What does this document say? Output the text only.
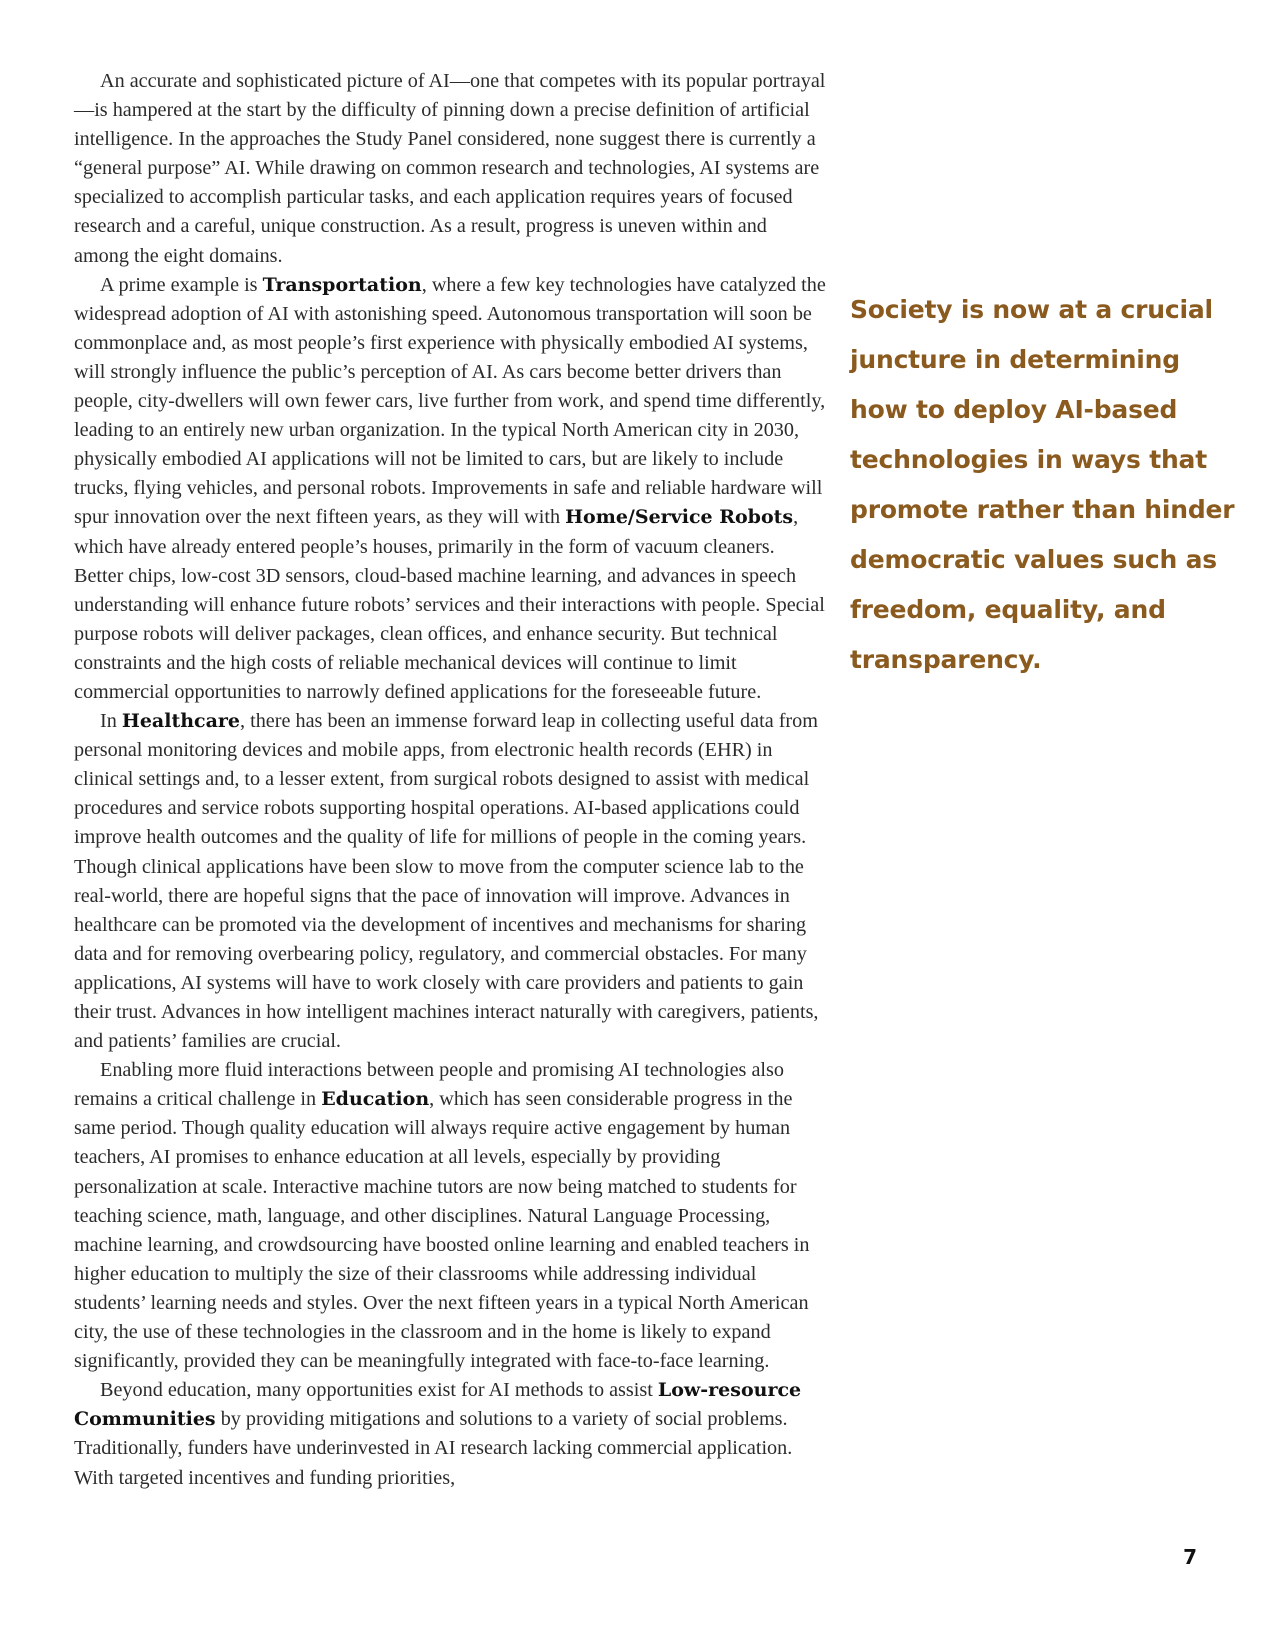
An accurate and sophisticated picture of AI—one that competes with its popular portrayal—is hampered at the start by the difficulty of pinning down a precise definition of artificial intelligence. In the approaches the Study Panel considered, none suggest there is currently a “general purpose” AI. While drawing on common research and technologies, AI systems are specialized to accomplish particular tasks, and each application requires years of focused research and a careful, unique construction. As a result, progress is uneven within and among the eight domains.

A prime example is Transportation, where a few key technologies have catalyzed the widespread adoption of AI with astonishing speed. Autonomous transportation will soon be commonplace and, as most people’s first experience with physically embodied AI systems, will strongly influence the public’s perception of AI. As cars become better drivers than people, city-dwellers will own fewer cars, live further from work, and spend time differently, leading to an entirely new urban organization. In the typical North American city in 2030, physically embodied AI applications will not be limited to cars, but are likely to include trucks, flying vehicles, and personal robots. Improvements in safe and reliable hardware will spur innovation over the next fifteen years, as they will with Home/Service Robots, which have already entered people’s houses, primarily in the form of vacuum cleaners. Better chips, low-cost 3D sensors, cloud-based machine learning, and advances in speech understanding will enhance future robots’ services and their interactions with people. Special purpose robots will deliver packages, clean offices, and enhance security. But technical constraints and the high costs of reliable mechanical devices will continue to limit commercial opportunities to narrowly defined applications for the foreseeable future.

In Healthcare, there has been an immense forward leap in collecting useful data from personal monitoring devices and mobile apps, from electronic health records (EHR) in clinical settings and, to a lesser extent, from surgical robots designed to assist with medical procedures and service robots supporting hospital operations. AI-based applications could improve health outcomes and the quality of life for millions of people in the coming years. Though clinical applications have been slow to move from the computer science lab to the real-world, there are hopeful signs that the pace of innovation will improve. Advances in healthcare can be promoted via the development of incentives and mechanisms for sharing data and for removing overbearing policy, regulatory, and commercial obstacles. For many applications, AI systems will have to work closely with care providers and patients to gain their trust. Advances in how intelligent machines interact naturally with caregivers, patients, and patients’ families are crucial.

Enabling more fluid interactions between people and promising AI technologies also remains a critical challenge in Education, which has seen considerable progress in the same period. Though quality education will always require active engagement by human teachers, AI promises to enhance education at all levels, especially by providing personalization at scale. Interactive machine tutors are now being matched to students for teaching science, math, language, and other disciplines. Natural Language Processing, machine learning, and crowdsourcing have boosted online learning and enabled teachers in higher education to multiply the size of their classrooms while addressing individual students’ learning needs and styles. Over the next fifteen years in a typical North American city, the use of these technologies in the classroom and in the home is likely to expand significantly, provided they can be meaningfully integrated with face-to-face learning.

Beyond education, many opportunities exist for AI methods to assist Low-resource Communities by providing mitigations and solutions to a variety of social problems. Traditionally, funders have underinvested in AI research lacking commercial application. With targeted incentives and funding priorities,

Society is now at a crucial juncture in determining how to deploy AI-based technologies in ways that promote rather than hinder democratic values such as freedom, equality, and transparency.
7
